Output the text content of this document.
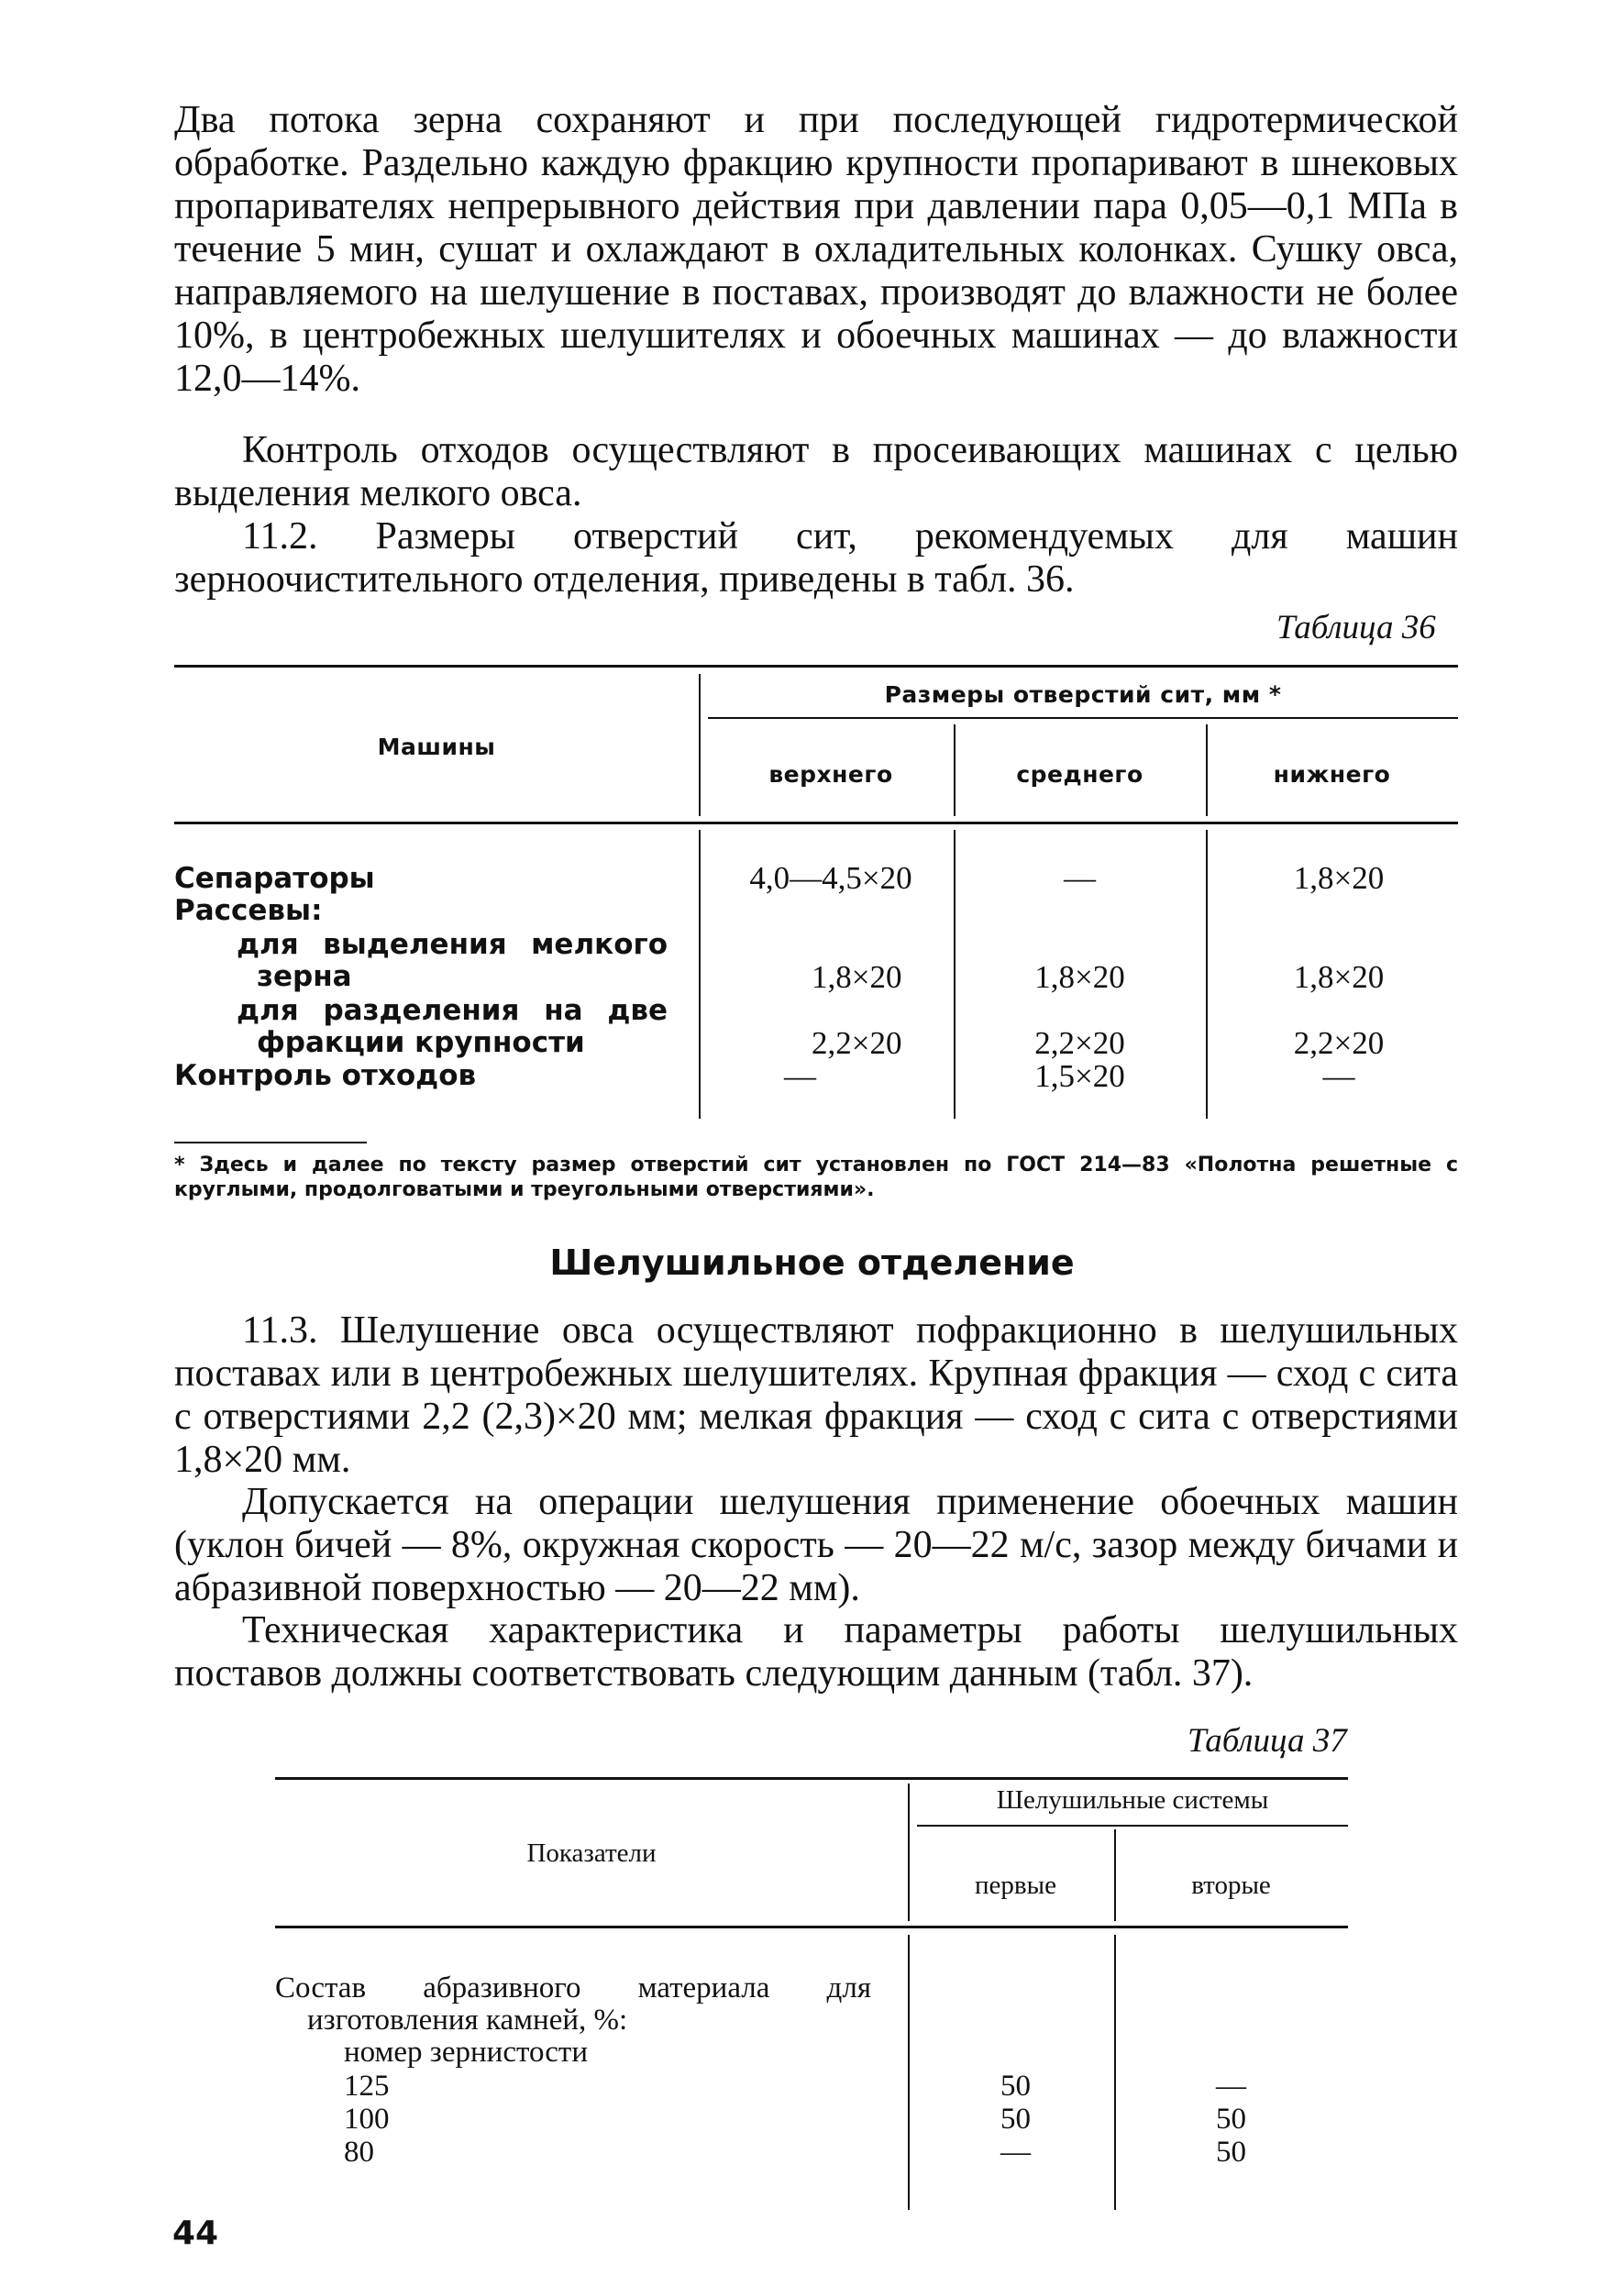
Два потока зерна сохраняют и при последующей гидротермической обработке. Раздельно каждую фракцию крупности пропаривают в шнековых пропаривателях непрерывного действия при давлении пара 0,05—0,1 МПа в течение 5 мин, сушат и охлаждают в охладительных колонках. Сушку овса, направляемого на шелушение в поставах, производят до влажности не более 10%, в центробежных шелушителях и обоечных машинах — до влажности 12,0—14%.

Контроль отходов осуществляют в просеивающих машинах с целью выделения мелкого овса.

11.2. Размеры отверстий сит, рекомендуемых для машин зерноочистительного отделения, приведены в табл. 36.

Таблица 36
Машины
Размеры отверстий сит, мм *
верхнего	среднего	нижнего
Сепараторы	4,0—4,5×20	—	1,8×20
Рассевы:
для выделения мелкого
зерна	1,8×20	1,8×20	1,8×20
для разделения на две
фракции крупности	2,2×20	2,2×20	2,2×20
Контроль отходов	—	1,5×20	—
* Здесь и далее по тексту размер отверстий сит установлен по ГОСТ 214—83 «Полотна решетные с круглыми, продолговатыми и треугольными отверстиями».
Шелушильное отделение

11.3. Шелушение овса осуществляют пофракционно в шелушильных поставах или в центробежных шелушителях. Крупная фракция — сход с сита с отверстиями 2,2 (2,3)×20 мм; мелкая фракция — сход с сита с отверстиями 1,8×20 мм.

Допускается на операции шелушения применение обоечных машин (уклон бичей — 8%, окружная скорость — 20—22 м/с, зазор между бичами и абразивной поверхностью — 20—22 мм).

Техническая характеристика и параметры работы шелушильных поставов должны соответствовать следующим данным (табл. 37).

Таблица 37
Показатели
Шелушильные системы
первые	вторые
Состав абразивного материала для
изготовления камней, %:
номер зернистости
125	50	—
100	50	50
80	—	50
44
